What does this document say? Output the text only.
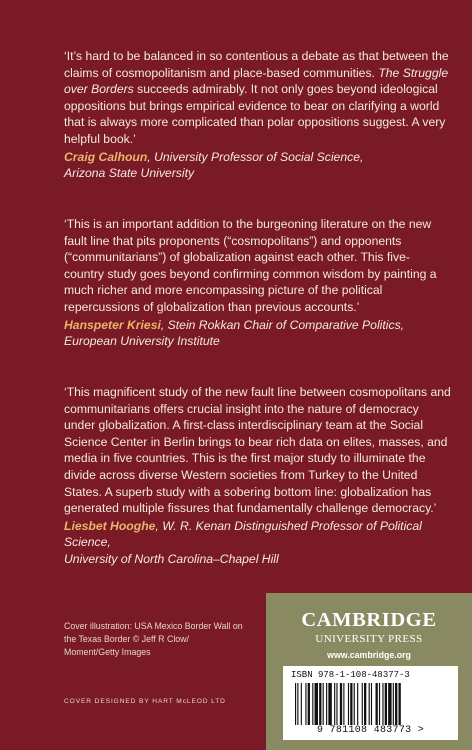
‘It’s hard to be balanced in so contentious a debate as that between the claims of cosmopolitanism and place-based communities. The Struggle over Borders succeeds admirably. It not only goes beyond ideological oppositions but brings empirical evidence to bear on clarifying a world that is always more complicated than polar oppositions suggest. A very helpful book.’

Craig Calhoun, University Professor of Social Science,
Arizona State University

‘This is an important addition to the burgeoning literature on the new fault line that pits proponents (“cosmopolitans”) and opponents (“communitarians”) of globalization against each other. This five- country study goes beyond confirming common wisdom by painting a much richer and more encompassing picture of the political repercussions of globalization than previous accounts.’

Hanspeter Kriesi, Stein Rokkan Chair of Comparative Politics,
European University Institute

‘This magnificent study of the new fault line between cosmopolitans and communitarians offers crucial insight into the nature of democracy under globalization. A first-class interdisciplinary team at the Social Science Center in Berlin brings to bear rich data on elites, masses, and media in five countries. This is the first major study to illuminate the divide across diverse Western societies from Turkey to the United States. A superb study with a sobering bottom line: globalization has generated multiple fissures that fundamentally challenge democracy.’

Liesbet Hooghe, W. R. Kenan Distinguished Professor of Political Science,
University of North Carolina–Chapel Hill
Cover illustration: USA Mexico Border Wall on the Texas Border © Jeff R Clow/ Moment/Getty Images
COVER DESIGNED BY HART McLEOD LTD
CAMBRIDGE
UNIVERSITY PRESS
www.cambridge.org
ISBN 978-1-108-48377-3
9 781108 483773 >
